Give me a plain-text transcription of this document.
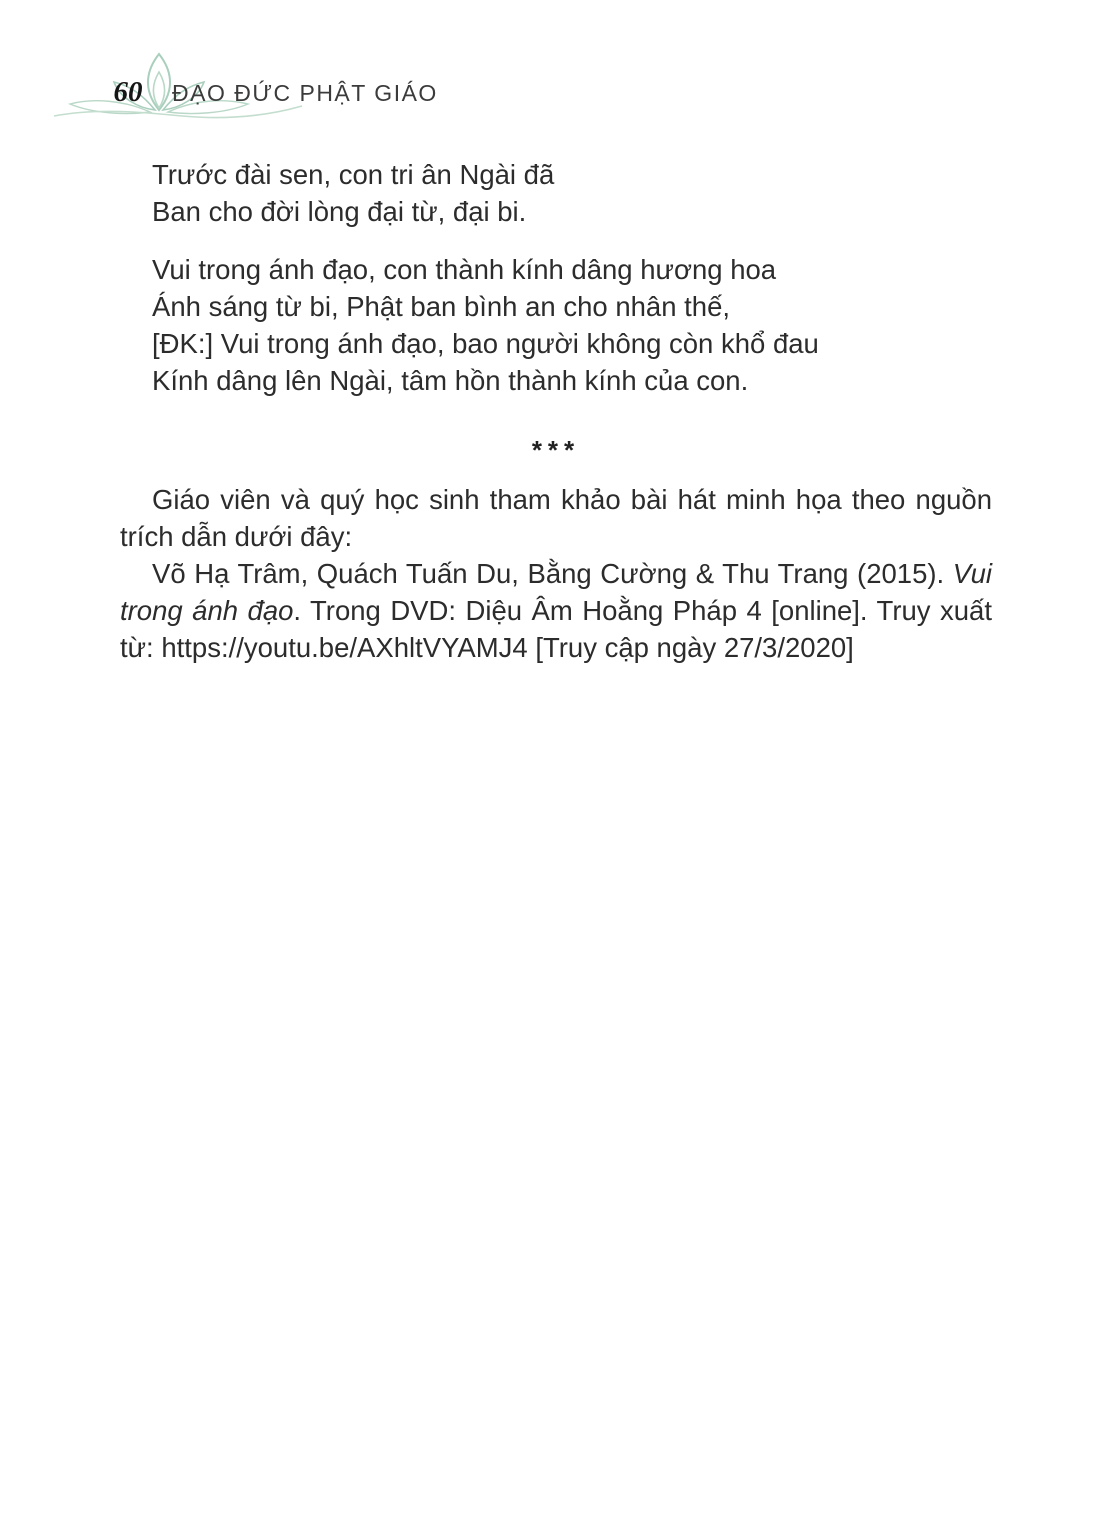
60	ĐẠO ĐỨC PHẬT GIÁO
Trước đài sen, con tri ân Ngài đã
Ban cho đời lòng đại từ, đại bi.
Vui trong ánh đạo, con thành kính dâng hương hoa
Ánh sáng từ bi, Phật ban bình an cho nhân thế,
[ĐK:] Vui trong ánh đạo, bao người không còn khổ đau
Kính dâng lên Ngài, tâm hồn thành kính của con.
***

Giáo viên và quý học sinh tham khảo bài hát minh họa theo nguồn trích dẫn dưới đây:

Võ Hạ Trâm, Quách Tuấn Du, Bằng Cường & Thu Trang (2015). Vui trong ánh đạo. Trong DVD: Diệu Âm Hoằng Pháp 4 [online]. Truy xuất từ: https://youtu.be/AXhltVYAMJ4 [Truy cập ngày 27/3/2020]
